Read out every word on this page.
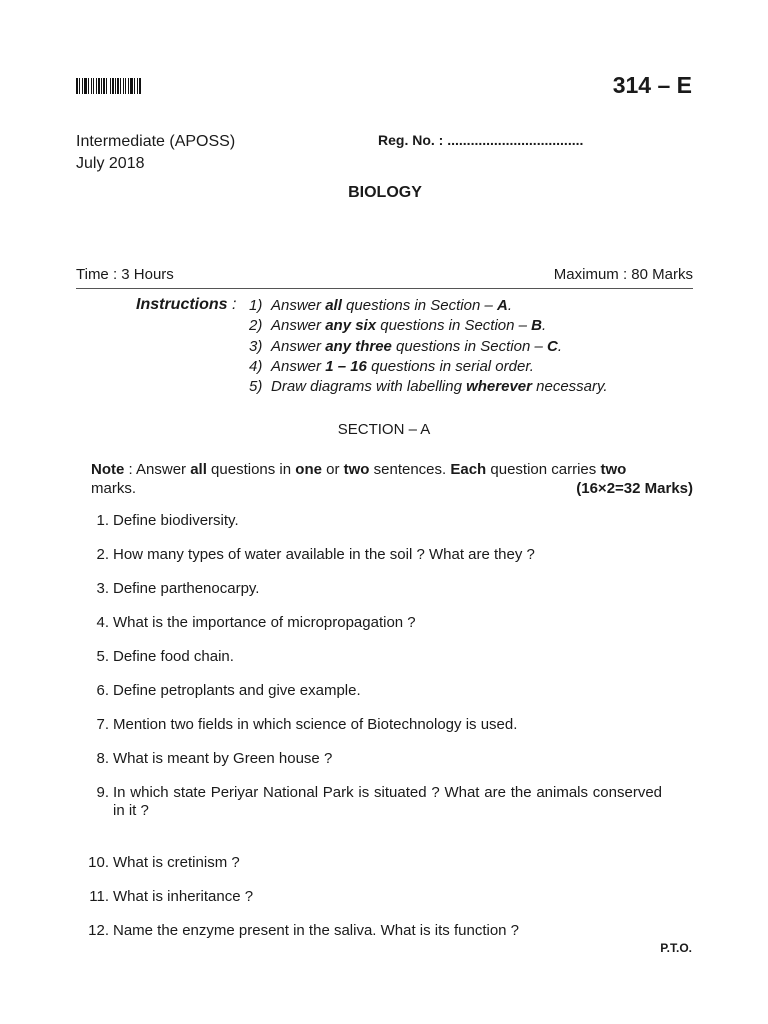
314 – E
Intermediate (APOSS)
July 2018
Reg. No. : ...................................
BIOLOGY
Time : 3 Hours	Maximum : 80 Marks
Instructions : 1) Answer all questions in Section – A.
2) Answer any six questions in Section – B.
3) Answer any three questions in Section – C.
4) Answer 1 – 16 questions in serial order.
5) Draw diagrams with labelling wherever necessary.
SECTION – A
Note : Answer all questions in one or two sentences. Each question carries two
marks.	(16×2=32 Marks)
1. Define biodiversity.
2. How many types of water available in the soil ? What are they ?
3. Define parthenocarpy.
4. What is the importance of micropropagation ?
5. Define food chain.
6. Define petroplants and give example.
7. Mention two fields in which science of Biotechnology is used.
8. What is meant by Green house ?
9. In which state Periyar National Park is situated ? What are the animals conserved in it ?
10. What is cretinism ?
11. What is inheritance ?
12. Name the enzyme present in the saliva. What is its function ?
P.T.O.
